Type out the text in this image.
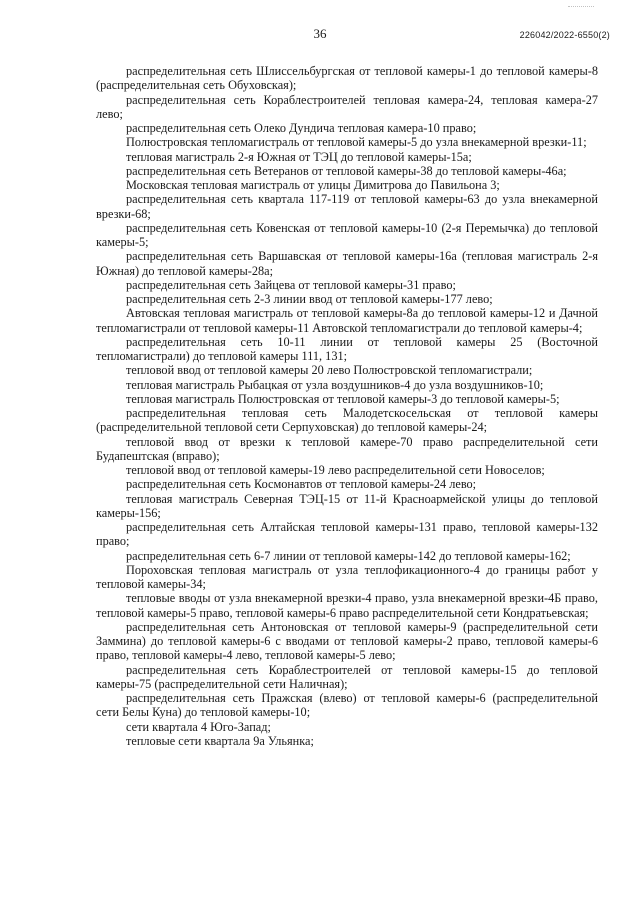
36	226042/2022-6550(2)

распределительная сеть Шлиссельбургская от тепловой камеры-1 до тепловой камеры-8 (распределительная сеть Обуховская);

распределительная сеть Кораблестроителей тепловая камера-24, тепловая камера-27 лево;

распределительная сеть Олеко Дундича тепловая камера-10 право;

Полюстровская тепломагистраль от тепловой камеры-5 до узла внекамерной врезки-11;

тепловая магистраль 2-я Южная от ТЭЦ до тепловой камеры-15а;

распределительная сеть Ветеранов от тепловой камеры-38 до тепловой камеры-46а;

Московская тепловая магистраль от улицы Димитрова до Павильона 3;

распределительная сеть квартала 117-119 от тепловой камеры-63 до узла внекамерной врезки-68;

распределительная сеть Ковенская от тепловой камеры-10 (2-я Перемычка) до тепловой камеры-5;

распределительная сеть Варшавская от тепловой камеры-16а (тепловая магистраль 2-я Южная) до тепловой камеры-28а;

распределительная сеть Зайцева от тепловой камеры-31 право;

распределительная сеть 2-3 линии ввод от тепловой камеры-177 лево;

Автовская тепловая магистраль от тепловой камеры-8а до тепловой камеры-12 и Дачной тепломагистрали от тепловой камеры-11 Автовской тепломагистрали до тепловой камеры-4;

распределительная сеть 10-11 линии от тепловой камеры 25 (Восточной тепломагистрали) до тепловой камеры 111, 131;

тепловой ввод от тепловой камеры 20 лево Полюстровской тепломагистрали;

тепловая магистраль Рыбацкая от узла воздушников-4 до узла воздушников-10;

тепловая магистраль Полюстровская от тепловой камеры-3 до тепловой камеры-5;

распределительная тепловая сеть Малодетскосельская от тепловой камеры (распределительной тепловой сети Серпуховская) до тепловой камеры-24;

тепловой ввод от врезки к тепловой камере-70 право распределительной сети Будапештская (вправо);

тепловой ввод от тепловой камеры-19 лево распределительной сети Новоселов;

распределительная сеть Космонавтов от тепловой камеры-24 лево;

тепловая магистраль Северная ТЭЦ-15 от 11-й Красноармейской улицы до тепловой камеры-156;

распределительная сеть Алтайская тепловой камеры-131 право, тепловой камеры-132 право;

распределительная сеть 6-7 линии от тепловой камеры-142 до тепловой камеры-162;

Пороховская тепловая магистраль от узла теплофикационного-4 до границы работ у тепловой камеры-34;

тепловые вводы от узла внекамерной врезки-4 право, узла внекамерной врезки-4Б право, тепловой камеры-5 право, тепловой камеры-6 право распределительной сети Кондратьевская;

распределительная сеть Антоновская от тепловой камеры-9 (распределительной сети Заммина) до тепловой камеры-6 с вводами от тепловой камеры-2 право, тепловой камеры-6 право, тепловой камеры-4 лево, тепловой камеры-5 лево;

распределительная сеть Кораблестроителей от тепловой камеры-15 до тепловой камеры-75 (распределительной сети Наличная);

распределительная сеть Пражская (влево) от тепловой камеры-6 (распределительной сети Белы Куна) до тепловой камеры-10;

сети квартала 4 Юго-Запад;

тепловые сети квартала 9а Ульянка;
